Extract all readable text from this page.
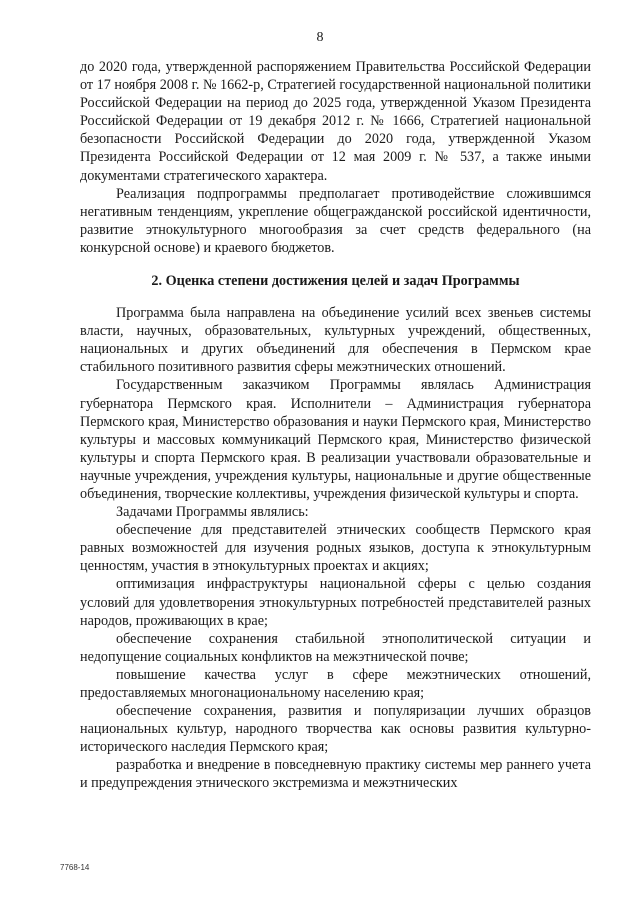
8

до 2020 года, утвержденной распоряжением Правительства Российской Федерации от 17 ноября 2008 г. № 1662-р, Стратегией государственной национальной политики Российской Федерации на период до 2025 года, утвержденной Указом Президента Российской Федерации от 19 декабря 2012 г. № 1666, Стратегией национальной безопасности Российской Федерации до 2020 года, утвержденной Указом Президента Российской Федерации от 12 мая 2009 г. № 537, а также иными документами стратегического характера.

Реализация подпрограммы предполагает противодействие сложившимся негативным тенденциям, укрепление общегражданской российской идентичности, развитие этнокультурного многообразия за счет средств федерального (на конкурсной основе) и краевого бюджетов.

2. Оценка степени достижения целей и задач Программы

Программа была направлена на объединение усилий всех звеньев системы власти, научных, образовательных, культурных учреждений, общественных, национальных и других объединений для обеспечения в Пермском крае стабильного позитивного развития сферы межэтнических отношений.

Государственным заказчиком Программы являлась Администрация губернатора Пермского края. Исполнители – Администрация губернатора Пермского края, Министерство образования и науки Пермского края, Министерство культуры и массовых коммуникаций Пермского края, Министерство физической культуры и спорта Пермского края. В реализации участвовали образовательные и научные учреждения, учреждения культуры, национальные и другие общественные объединения, творческие коллективы, учреждения физической культуры и спорта.

Задачами Программы являлись:

обеспечение для представителей этнических сообществ Пермского края равных возможностей для изучения родных языков, доступа к этнокультурным ценностям, участия в этнокультурных проектах и акциях;

оптимизация инфраструктуры национальной сферы с целью создания условий для удовлетворения этнокультурных потребностей представителей разных народов, проживающих в крае;

обеспечение сохранения стабильной этнополитической ситуации и недопущение социальных конфликтов на межэтнической почве;

повышение качества услуг в сфере межэтнических отношений, предоставляемых многонациональному населению края;

обеспечение сохранения, развития и популяризации лучших образцов национальных культур, народного творчества как основы развития культурно-исторического наследия Пермского края;

разработка и внедрение в повседневную практику системы мер раннего учета и предупреждения этнического экстремизма и межэтнических

7768-14
